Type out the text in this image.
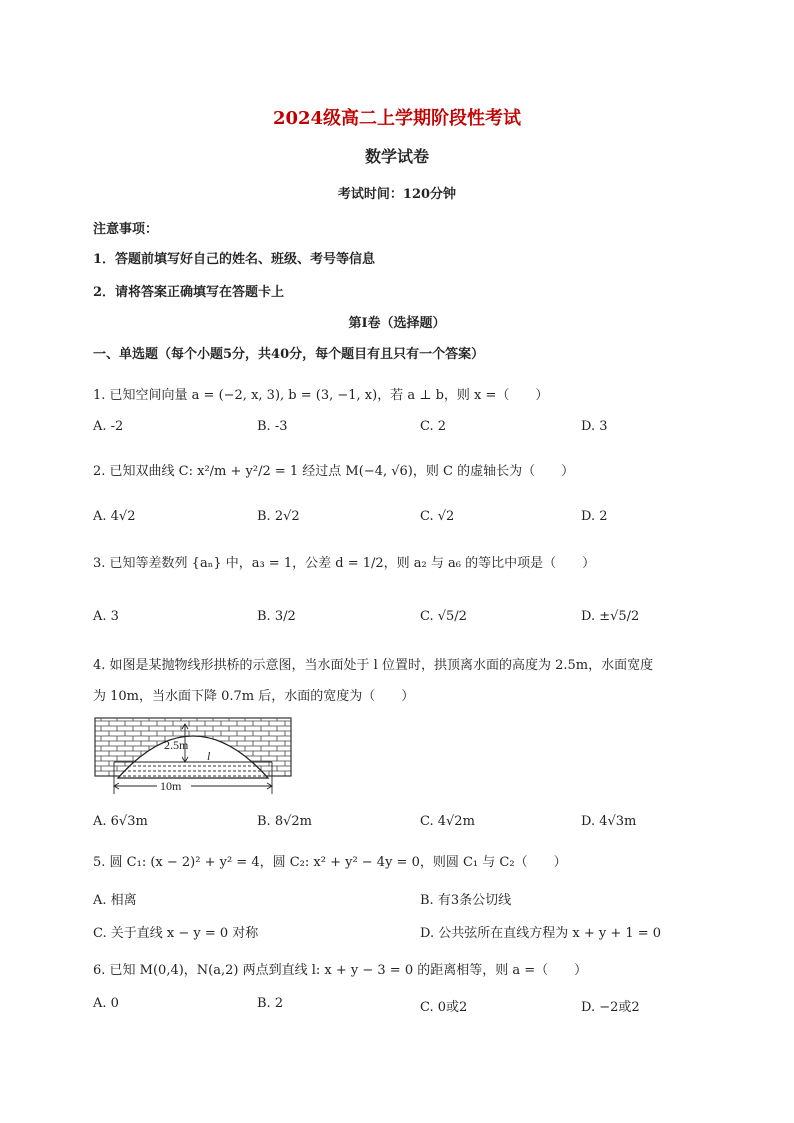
2024级高二上学期阶段性考试
数学试卷
考试时间：120分钟
注意事项：
1．答题前填写好自己的姓名、班级、考号等信息
2．请将答案正确填写在答题卡上
第I卷（选择题）
一、单选题（每个小题5分，共40分，每个题目有且只有一个答案）
1. 已知空间向量 a = (−2, x, 3), b = (3, −1, x)，若 a ⊥ b，则 x =（　　）
A. -2	B. -3	C. 2	D. 3
2. 已知双曲线 C: x²/m + y²/2 = 1 经过点 M(−4, √6)，则 C 的虚轴长为（　　）
A. 4√2	B. 2√2	C. √2	D. 2
3. 已知等差数列 {aₙ} 中，a₃ = 1，公差 d = 1/2，则 a₂ 与 a₆ 的等比中项是（　　）
A. 3	B. 3/2	C. √5/2	D. ±√5/2
4. 如图是某抛物线形拱桥的示意图，当水面处于 l 位置时，拱顶离水面的高度为 2.5m，水面宽度
为 10m，当水面下降 0.7m 后，水面的宽度为（　　）
2.5m
l
10m
A. 6√3m	B. 8√2m	C. 4√2m	D. 4√3m
5. 圆 C₁: (x − 2)² + y² = 4，圆 C₂: x² + y² − 4y = 0，则圆 C₁ 与 C₂（　　）
A. 相离	B. 有3条公切线
C. 关于直线 x − y = 0 对称	D. 公共弦所在直线方程为 x + y + 1 = 0
6. 已知 M(0,4)，N(a,2) 两点到直线 l: x + y − 3 = 0 的距离相等，则 a =（　　）
A. 0	B. 2	C. 0或2	D. −2或2
